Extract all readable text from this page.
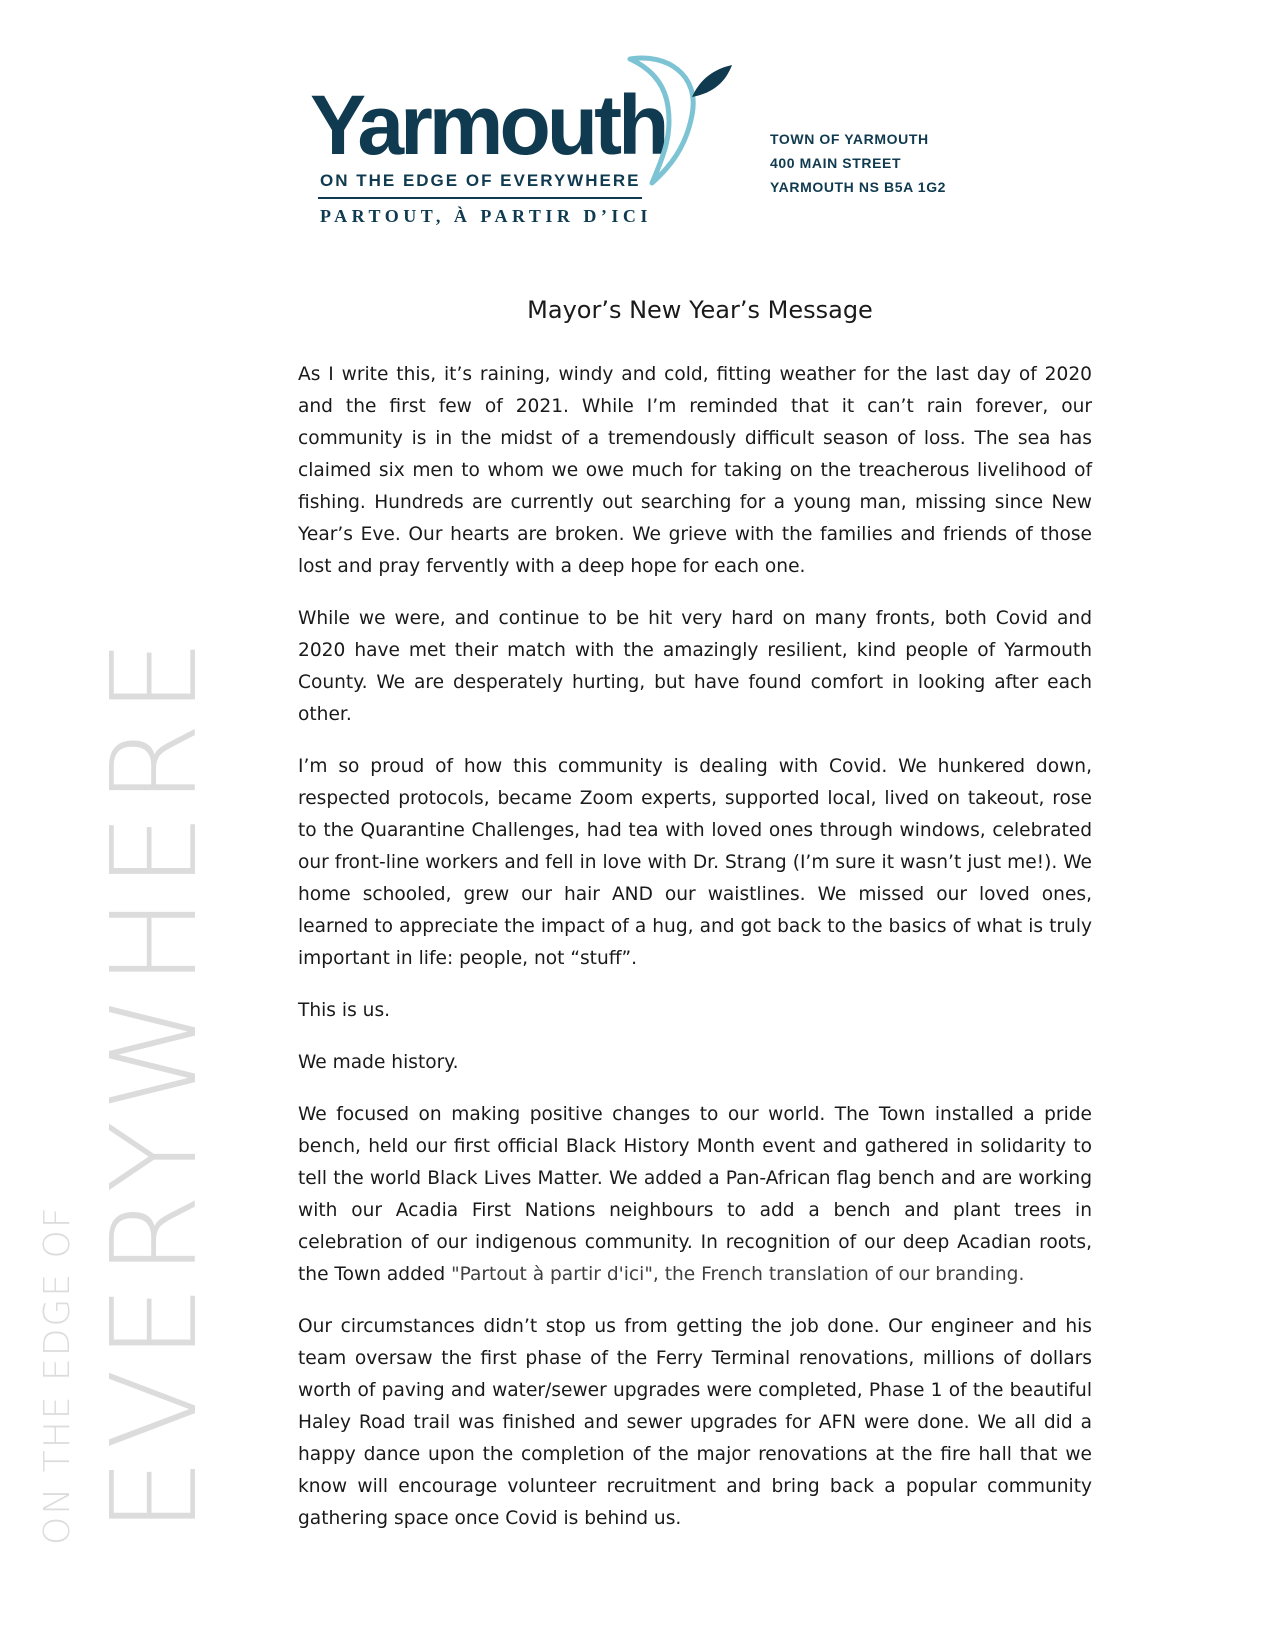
Yarmouth
ON THE EDGE OF EVERYWHERE
PARTOUT, À PARTIR D’ICI
TOWN OF YARMOUTH
400 MAIN STREET
YARMOUTH NS B5A 1G2
ON THE EDGE OF EVERYWHERE
Mayor’s New Year’s Message

As I write this, it’s raining, windy and cold, fitting weather for the last day of 2020 and the first few of 2021. While I’m reminded that it can’t rain forever, our community is in the midst of a tremendously difficult season of loss. The sea has claimed six men to whom we owe much for taking on the treacherous livelihood of fishing. Hundreds are currently out searching for a young man, missing since New Year’s Eve. Our hearts are broken. We grieve with the families and friends of those lost and pray fervently with a deep hope for each one.

While we were, and continue to be hit very hard on many fronts, both Covid and 2020 have met their match with the amazingly resilient, kind people of Yarmouth County. We are desperately hurting, but have found comfort in looking after each other.

I’m so proud of how this community is dealing with Covid. We hunkered down, respected protocols, became Zoom experts, supported local, lived on takeout, rose to the Quarantine Challenges, had tea with loved ones through windows, celebrated our front-line workers and fell in love with Dr. Strang (I’m sure it wasn’t just me!). We home schooled, grew our hair AND our waistlines. We missed our loved ones, learned to appreciate the impact of a hug, and got back to the basics of what is truly important in life: people, not “stuff”.

This is us.

We made history.

We focused on making positive changes to our world. The Town installed a pride bench, held our first official Black History Month event and gathered in solidarity to tell the world Black Lives Matter. We added a Pan-African flag bench and are working with our Acadia First Nations neighbours to add a bench and plant trees in celebration of our indigenous community. In recognition of our deep Acadian roots, the Town added "Partout à partir d'ici", the French translation of our branding.

Our circumstances didn’t stop us from getting the job done. Our engineer and his team oversaw the first phase of the Ferry Terminal renovations, millions of dollars worth of paving and water/sewer upgrades were completed, Phase 1 of the beautiful Haley Road trail was finished and sewer upgrades for AFN were done. We all did a happy dance upon the completion of the major renovations at the fire hall that we know will encourage volunteer recruitment and bring back a popular community gathering space once Covid is behind us.
